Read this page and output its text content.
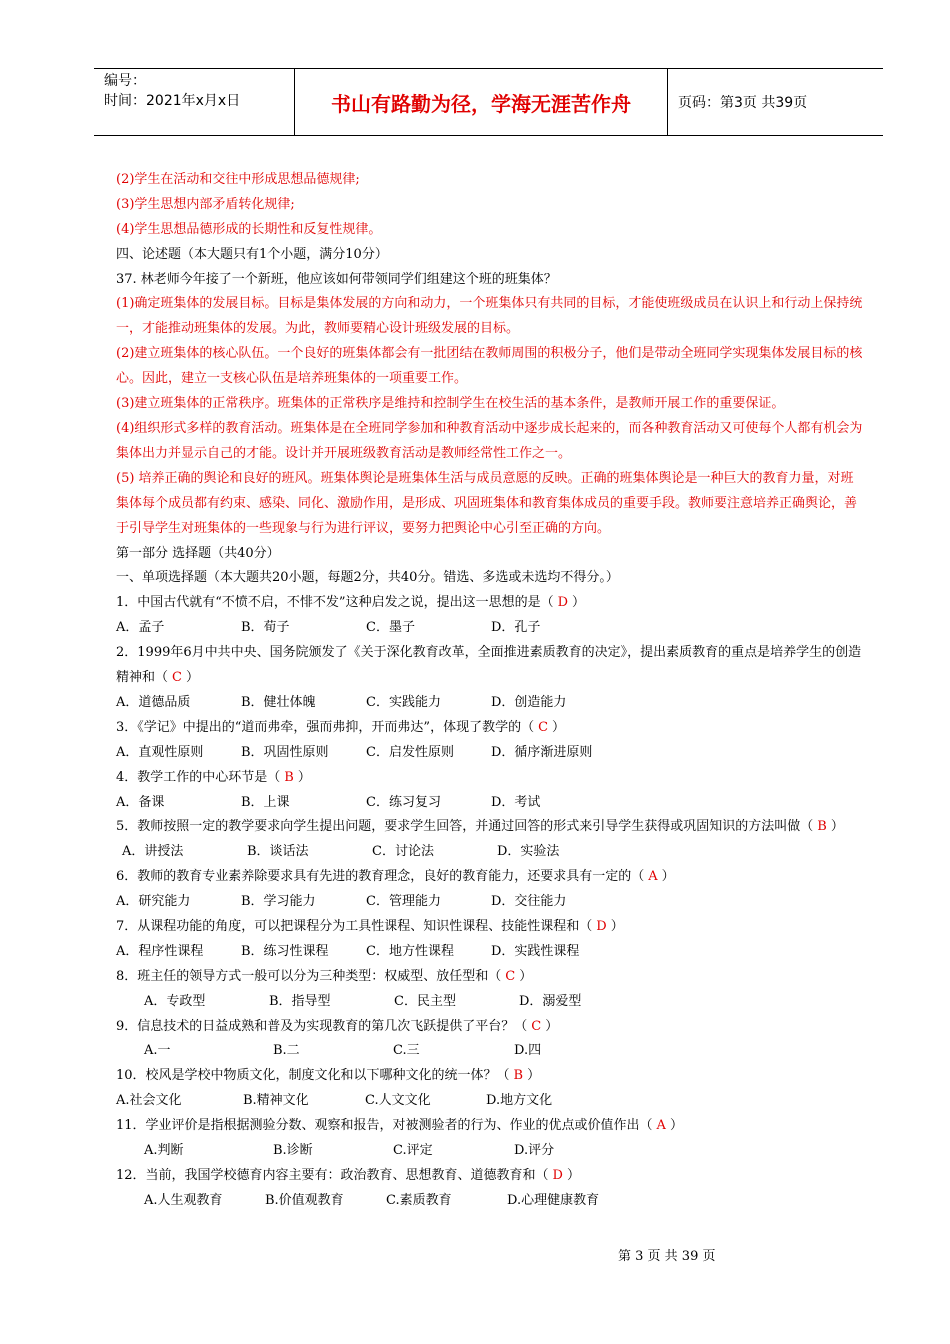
编号：
时间：2021年x月x日	书山有路勤为径，学海无涯苦作舟	页码：第3页 共39页
(2)学生在活动和交往中形成思想品德规律;
(3)学生思想内部矛盾转化规律;
(4)学生思想品德形成的长期性和反复性规律。
四、论述题（本大题只有1个小题，满分10分）
37. 林老师今年接了一个新班，他应该如何带领同学们组建这个班的班集体？
(1)确定班集体的发展目标。目标是集体发展的方向和动力，一个班集体只有共同的目标，才能使班级成员在认识上和行动上保持统一，才能推动班集体的发展。为此，教师要精心设计班级发展的目标。
(2)建立班集体的核心队伍。一个良好的班集体都会有一批团结在教师周围的积极分子，他们是带动全班同学实现集体发展目标的核心。因此，建立一支核心队伍是培养班集体的一项重要工作。
(3)建立班集体的正常秩序。班集体的正常秩序是维持和控制学生在校生活的基本条件，是教师开展工作的重要保证。
(4)组织形式多样的教育活动。班集体是在全班同学参加和种教育活动中逐步成长起来的，而各种教育活动又可使每个人都有机会为集体出力并显示自己的才能。设计并开展班级教育活动是教师经常性工作之一。
(5) 培养正确的舆论和良好的班风。班集体舆论是班集体生活与成员意愿的反映。正确的班集体舆论是一种巨大的教育力量，对班集体每个成员都有约束、感染、同化、激励作用，是形成、巩固班集体和教育集体成员的重要手段。教师要注意培养正确舆论，善于引导学生对班集体的一些现象与行为进行评议，要努力把舆论中心引至正确的方向。
第一部分 选择题（共40分）
一、单项选择题（本大题共20小题，每题2分，共40分。错选、多选或未选均不得分。）
1．中国古代就有“不愤不启，不悱不发”这种启发之说，提出这一思想的是（ D ）
A．孟子	B．荀子	C．墨子	D．孔子
2．1999年6月中共中央、国务院颁发了《关于深化教育改革，全面推进素质教育的决定》，提出素质教育的重点是培养学生的创造精神和（ C ）
A．道德品质	B．健壮体魄	C．实践能力	D．创造能力
3．《学记》中提出的“道而弗牵，强而弗抑，开而弗达”，体现了教学的（ C ）
A．直观性原则	B．巩固性原则	C．启发性原则	D．循序渐进原则
4．教学工作的中心环节是（ B ）
A．备课	B．上课	C．练习复习	D．考试
5．教师按照一定的教学要求向学生提出问题，要求学生回答，并通过回答的形式来引导学生获得或巩固知识的方法叫做（ B ）
A．讲授法	B．谈话法	C．讨论法	D．实验法
6．教师的教育专业素养除要求具有先进的教育理念，良好的教育能力，还要求具有一定的（ A ）
A．研究能力	B．学习能力	C．管理能力	D．交往能力
7．从课程功能的角度，可以把课程分为工具性课程、知识性课程、技能性课程和（ D ）
A．程序性课程	B．练习性课程	C．地方性课程	D．实践性课程
8．班主任的领导方式一般可以分为三种类型：权威型、放任型和（ C ）
A．专政型	B．指导型	C．民主型	D．溺爱型
9．信息技术的日益成熟和普及为实现教育的第几次飞跃提供了平台？（ C ）
A.一	B.二	C.三	D.四
10．校风是学校中物质文化，制度文化和以下哪种文化的统一体？（ B ）
A.社会文化	B.精神文化	C.人文文化	D.地方文化
11．学业评价是指根据测验分数、观察和报告，对被测验者的行为、作业的优点或价值作出（ A ）
A.判断	B.诊断	C.评定	D.评分
12．当前，我国学校德育内容主要有：政治教育、思想教育、道德教育和（ D ）
A.人生观教育	B.价值观教育	C.素质教育	D.心理健康教育
第 3 页 共 39 页
